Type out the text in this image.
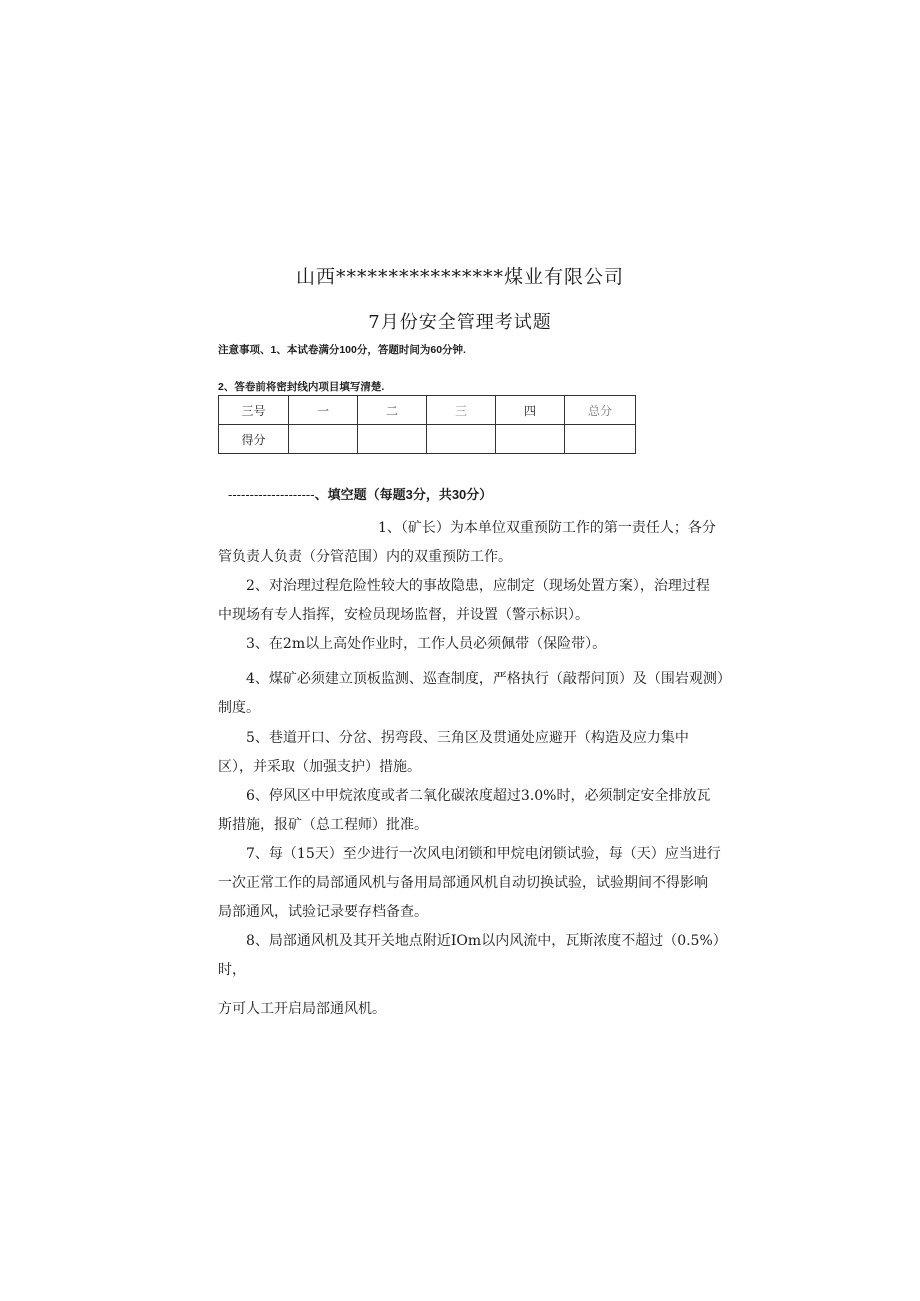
山西****************煤业有限公司
7月份安全管理考试题
注意事项、1、本试卷满分100分，答题时间为60分钟.
2、答卷前将密封线内项目填写清楚.
三号	一	二	三	四	总分
得分					
--------------------、填空题（每题3分，共30分）
1、（矿长）为本单位双重预防工作的第一责任人；各分
管负责人负责（分管范围）内的双重预防工作。
2、对治理过程危险性较大的事故隐患，应制定（现场处置方案），治理过程
中现场有专人指挥，安检员现场监督，并设置（警示标识）。
3、在2m以上高处作业时，工作人员必须佩带（保险带）。
4、煤矿必须建立顶板监测、巡查制度，严格执行（敲帮问顶）及（围岩观测）
制度。
5、巷道开口、分岔、拐弯段、三角区及贯通处应避开（构造及应力集中
区），并采取（加强支护）措施。
6、停风区中甲烷浓度或者二氧化碳浓度超过3.0%时，必须制定安全排放瓦
斯措施，报矿（总工程师）批准。
7、每（15天）至少进行一次风电闭锁和甲烷电闭锁试验，每（天）应当进行
一次正常工作的局部通风机与备用局部通风机自动切换试验，试验期间不得影响
局部通风，试验记录要存档备查。
8、局部通风机及其开关地点附近IOm以内风流中，瓦斯浓度不超过（0.5%）
时，
方可人工开启局部通风机。
